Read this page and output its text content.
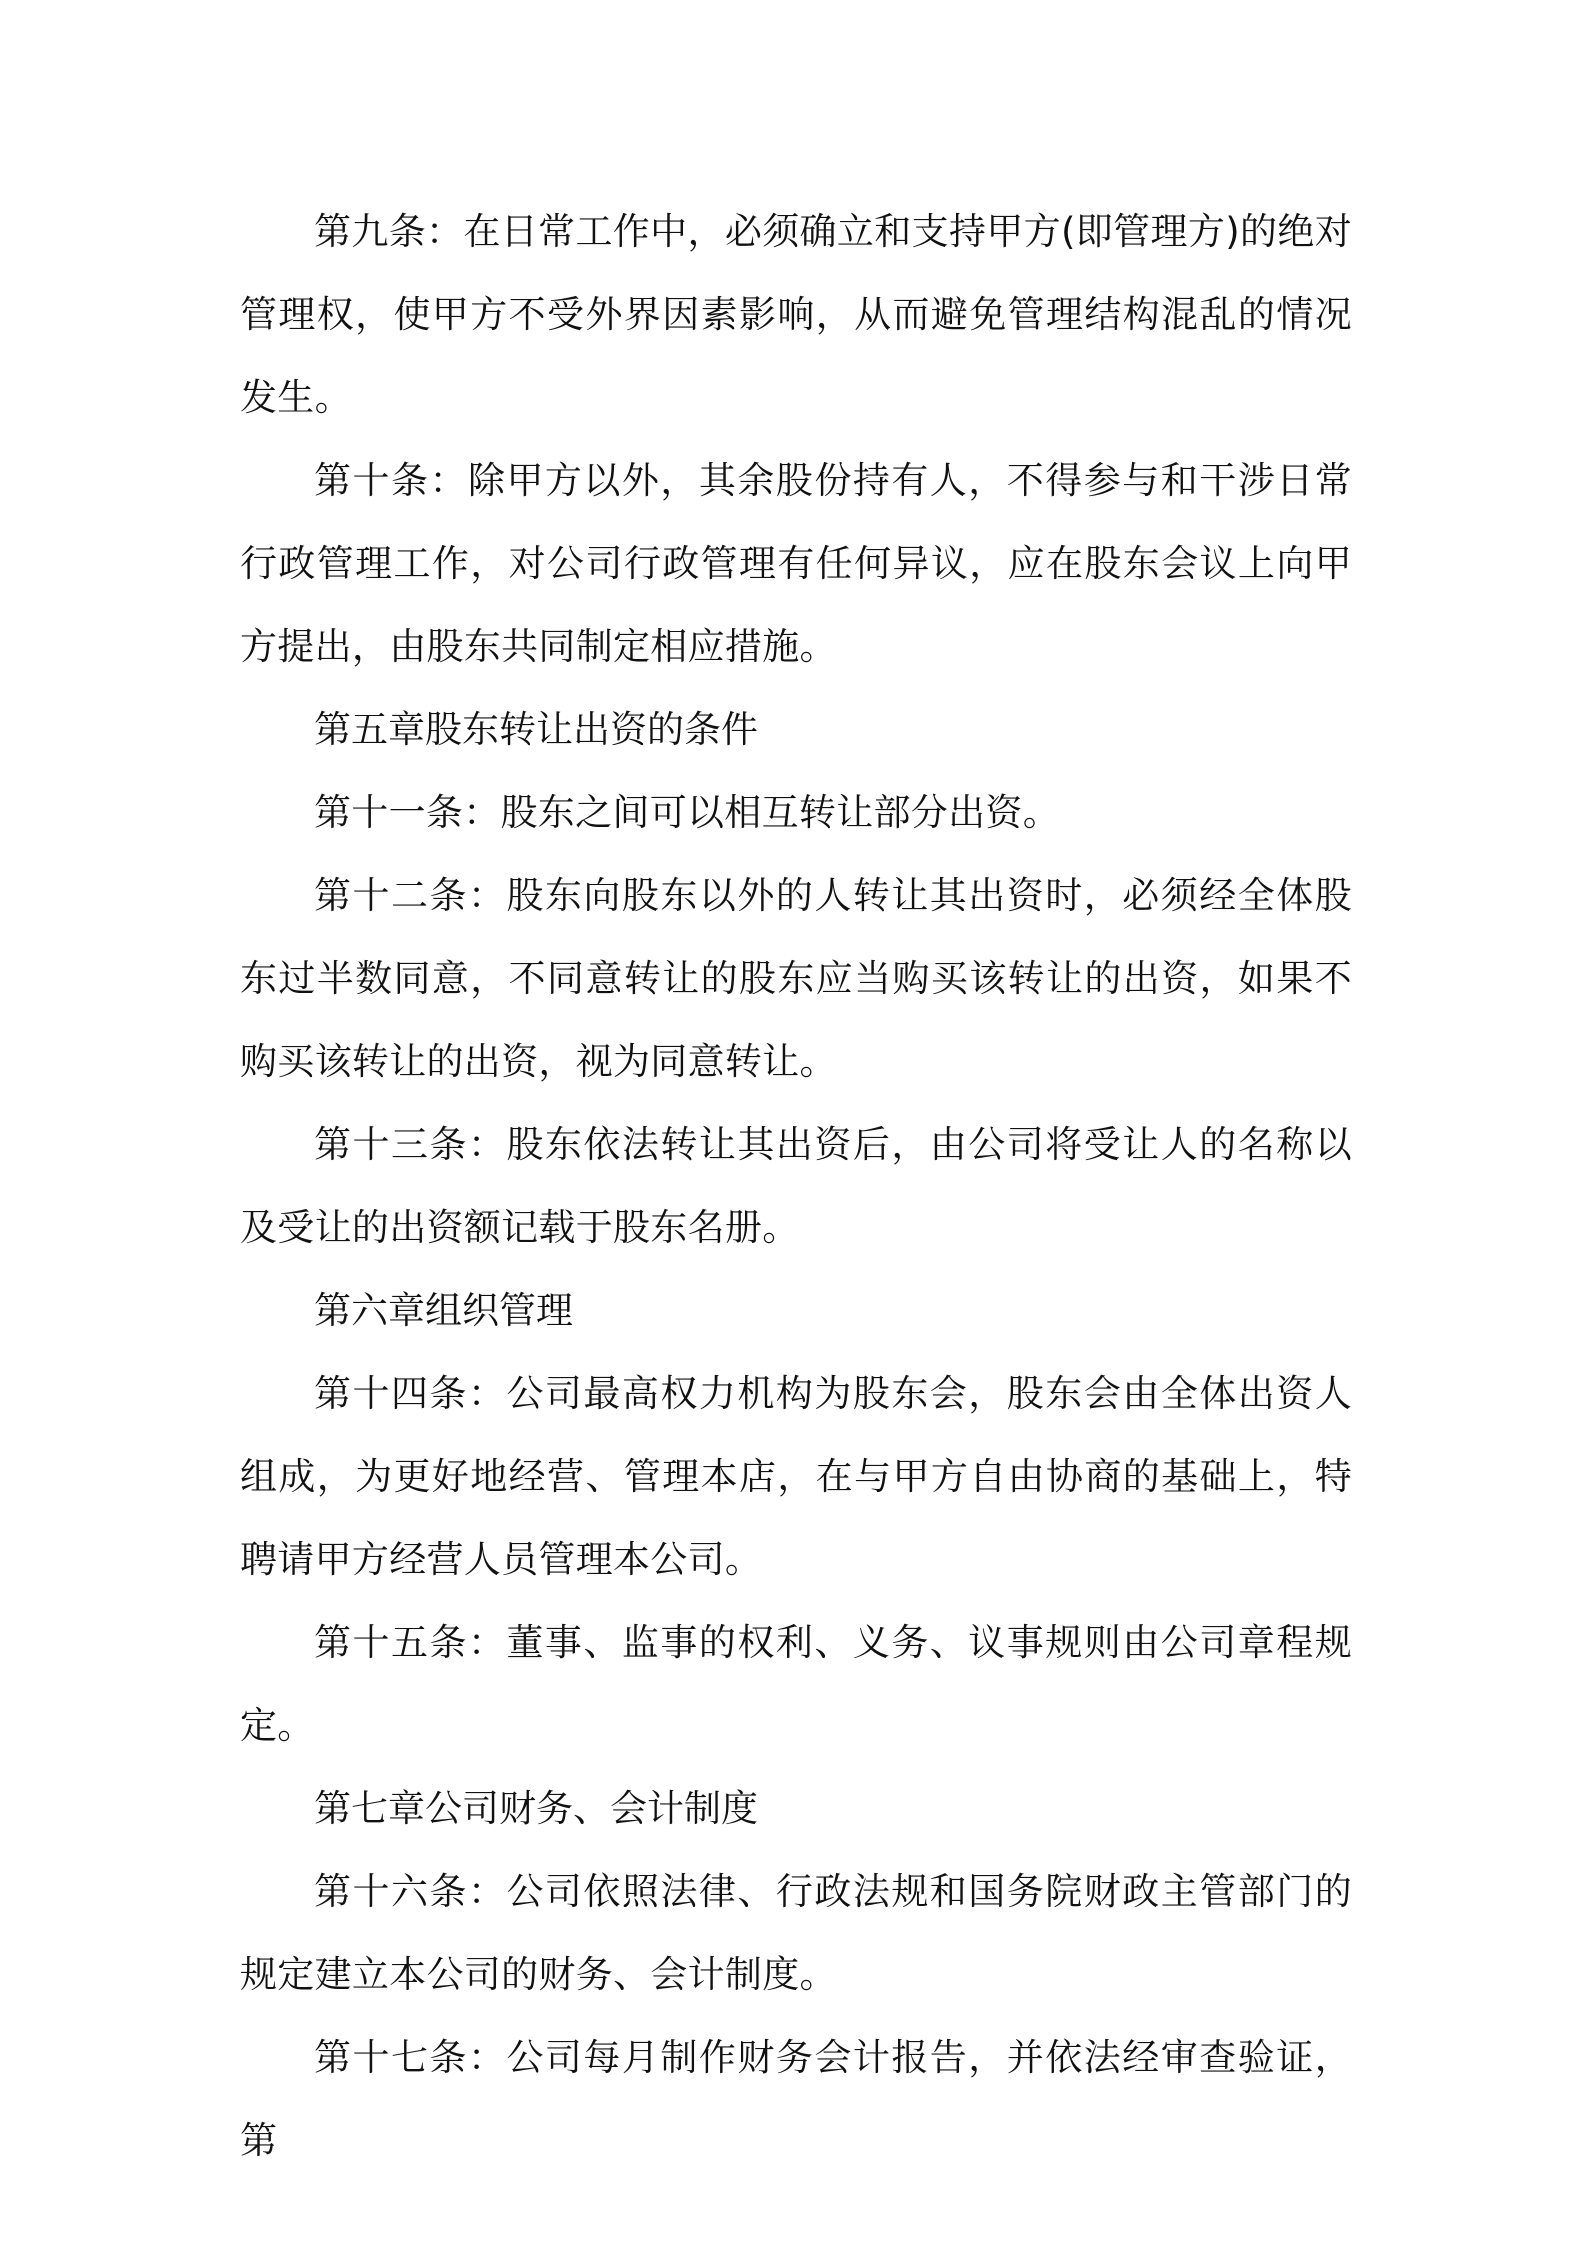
第九条：在日常工作中，必须确立和支持甲方(即管理方)的绝对管理权，使甲方不受外界因素影响，从而避免管理结构混乱的情况发生。

第十条：除甲方以外，其余股份持有人，不得参与和干涉日常行政管理工作，对公司行政管理有任何异议，应在股东会议上向甲方提出，由股东共同制定相应措施。

第五章股东转让出资的条件

第十一条：股东之间可以相互转让部分出资。

第十二条：股东向股东以外的人转让其出资时，必须经全体股东过半数同意，不同意转让的股东应当购买该转让的出资，如果不购买该转让的出资，视为同意转让。

第十三条：股东依法转让其出资后，由公司将受让人的名称以及受让的出资额记载于股东名册。

第六章组织管理

第十四条：公司最高权力机构为股东会，股东会由全体出资人组成，为更好地经营、管理本店，在与甲方自由协商的基础上，特聘请甲方经营人员管理本公司。

第十五条：董事、监事的权利、义务、议事规则由公司章程规定。

第七章公司财务、会计制度

第十六条：公司依照法律、行政法规和国务院财政主管部门的规定建立本公司的财务、会计制度。

第十七条：公司每月制作财务会计报告，并依法经审查验证，第
